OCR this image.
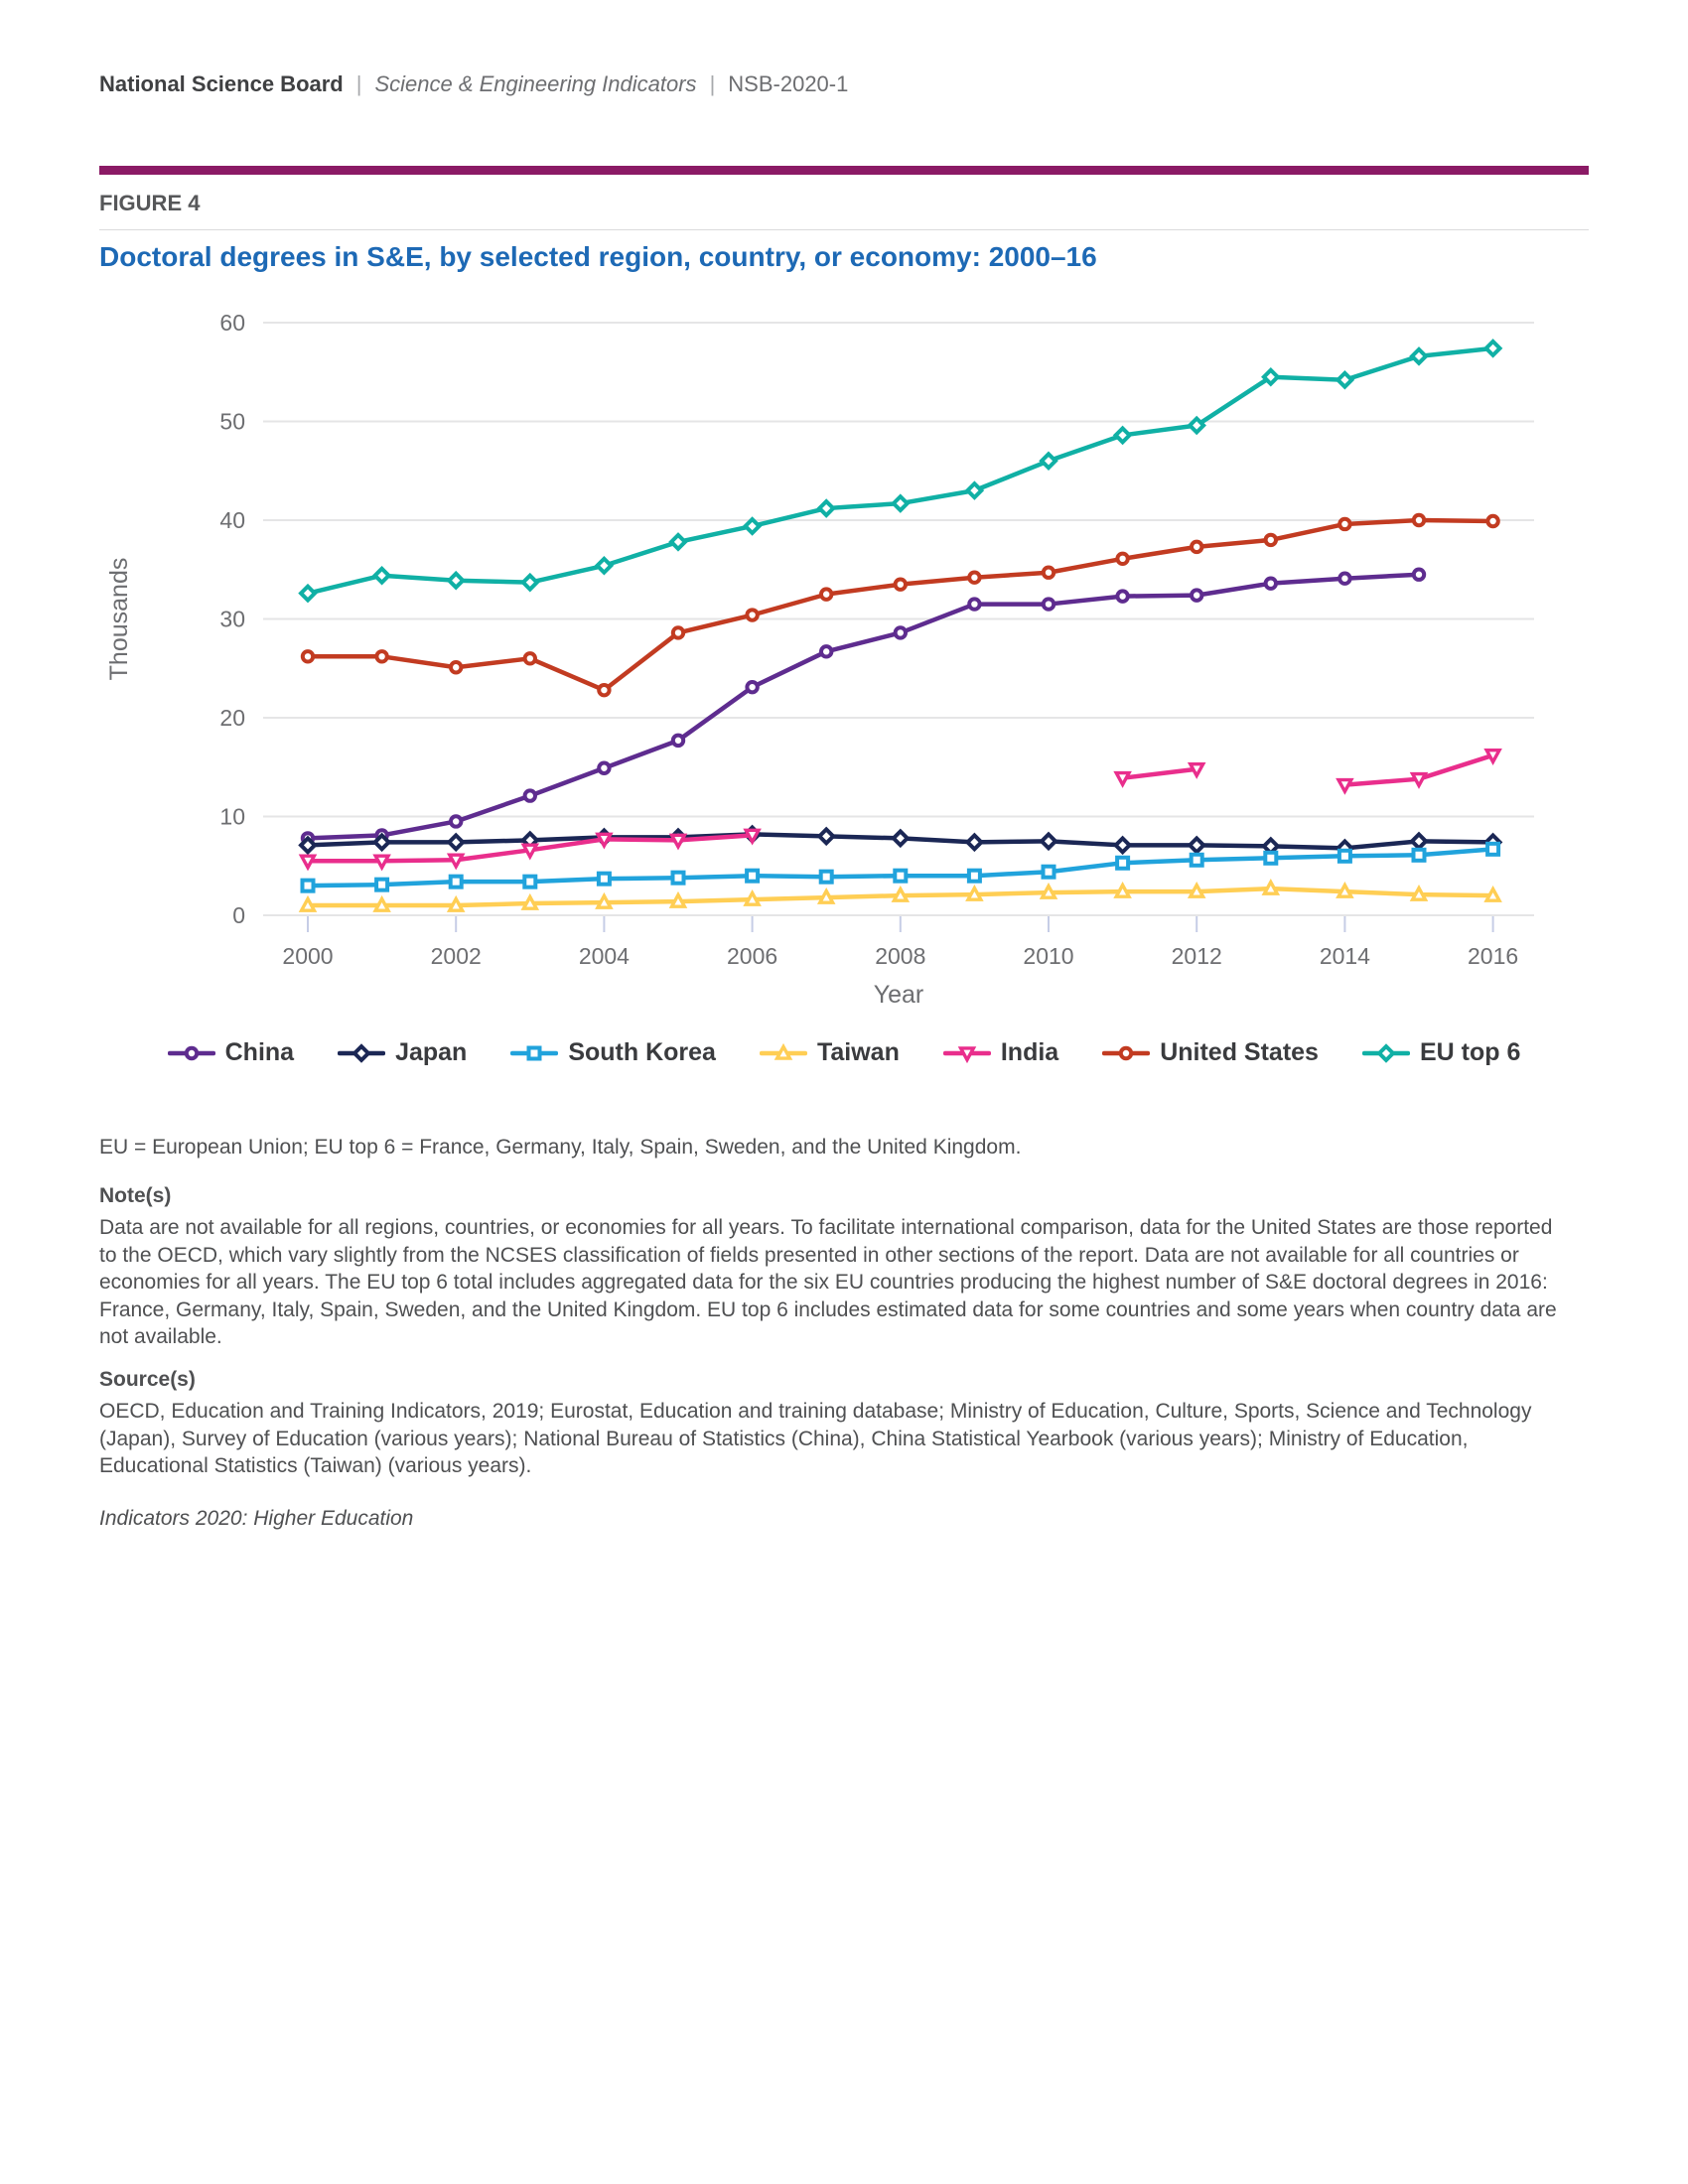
National Science Board | Science & Engineering Indicators | NSB-2020-1
FIGURE 4
Doctoral degrees in S&E, by selected region, country, or economy: 2000–16
0
10
20
30
40
50
60
2000	2002	2004	2006	2008	2010	2012	2014	2016
Thousands
Year
China	Japan	South Korea	Taiwan	India	United States	EU top 6

EU = European Union; EU top 6 = France, Germany, Italy, Spain, Sweden, and the United Kingdom.

Note(s)

Data are not available for all regions, countries, or economies for all years. To facilitate international comparison, data for the United States are those reported to the OECD, which vary slightly from the NCSES classification of fields presented in other sections of the report. Data are not available for all countries or economies for all years. The EU top 6 total includes aggregated data for the six EU countries producing the highest number of S&E doctoral degrees in 2016: France, Germany, Italy, Spain, Sweden, and the United Kingdom. EU top 6 includes estimated data for some countries and some years when country data are not available.

Source(s)

OECD, Education and Training Indicators, 2019; Eurostat, Education and training database; Ministry of Education, Culture, Sports, Science and Technology (Japan), Survey of Education (various years); National Bureau of Statistics (China), China Statistical Yearbook (various years); Ministry of Education, Educational Statistics (Taiwan) (various years).

Indicators 2020: Higher Education
